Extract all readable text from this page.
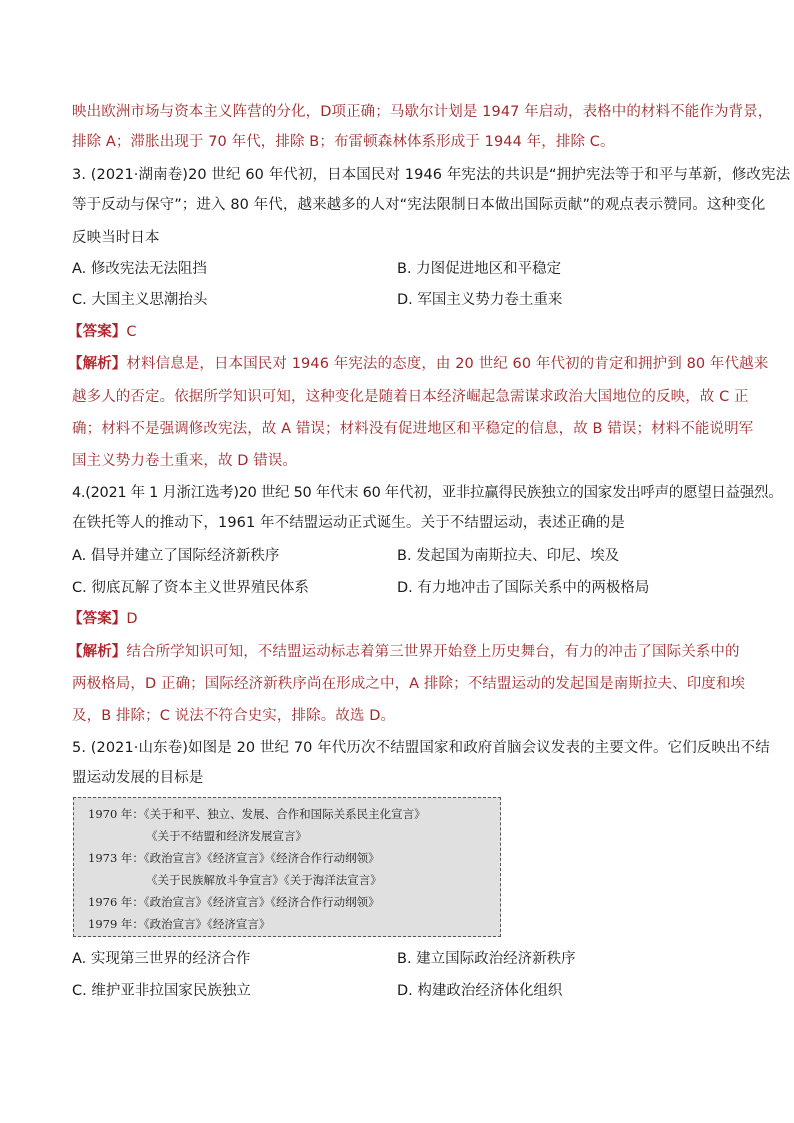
映出欧洲市场与资本主义阵营的分化，D项正确；马歇尔计划是 1947 年启动，表格中的材料不能作为背景，
排除 A；滞胀出现于 70 年代，排除 B；布雷顿森林体系形成于 1944 年，排除 C。
3. (2021·湖南卷)20 世纪 60 年代初，日本国民对 1946 年宪法的共识是“拥护宪法等于和平与革新，修改宪法
等于反动与保守”；进入 80 年代，越来越多的人对“宪法限制日本做出国际贡献”的观点表示赞同。这种变化
反映当时日本
A. 修改宪法无法阻挡	B. 力图促进地区和平稳定
C. 大国主义思潮抬头	D. 军国主义势力卷土重来
【答案】C
【解析】材料信息是，日本国民对 1946 年宪法的态度，由 20 世纪 60 年代初的肯定和拥护到 80 年代越来
越多人的否定。依据所学知识可知，这种变化是随着日本经济崛起急需谋求政治大国地位的反映，故 C 正
确；材料不是强调修改宪法，故 A 错误；材料没有促进地区和平稳定的信息，故 B 错误；材料不能说明军
国主义势力卷土重来，故 D 错误。
4.(2021 年 1 月浙江选考)20 世纪 50 年代末 60 年代初，亚非拉赢得民族独立的国家发出呼声的愿望日益强烈。
在铁托等人的推动下，1961 年不结盟运动正式诞生。关于不结盟运动，表述正确的是
A. 倡导并建立了国际经济新秩序	B. 发起国为南斯拉夫、印尼、埃及
C. 彻底瓦解了资本主义世界殖民体系	D. 有力地冲击了国际关系中的两极格局
【答案】D
【解析】结合所学知识可知，不结盟运动标志着第三世界开始登上历史舞台，有力的冲击了国际关系中的
两极格局，D 正确；国际经济新秩序尚在形成之中，A 排除；不结盟运动的发起国是南斯拉夫、印度和埃
及，B 排除；C 说法不符合史实，排除。故选 D。
5. (2021·山东卷)如图是 20 世纪 70 年代历次不结盟国家和政府首脑会议发表的主要文件。它们反映出不结
盟运动发展的目标是
1970 年：《关于和平、独立、发展、合作和国际关系民主化宣言》
《关于不结盟和经济发展宣言》
1973 年：《政治宣言》《经济宣言》《经济合作行动纲领》
《关于民族解放斗争宣言》《关于海洋法宣言》
1976 年：《政治宣言》《经济宣言》《经济合作行动纲领》
1979 年：《政治宣言》《经济宣言》
A. 实现第三世界的经济合作	B. 建立国际政治经济新秩序
C. 维护亚非拉国家民族独立	D. 构建政治经济体化组织
